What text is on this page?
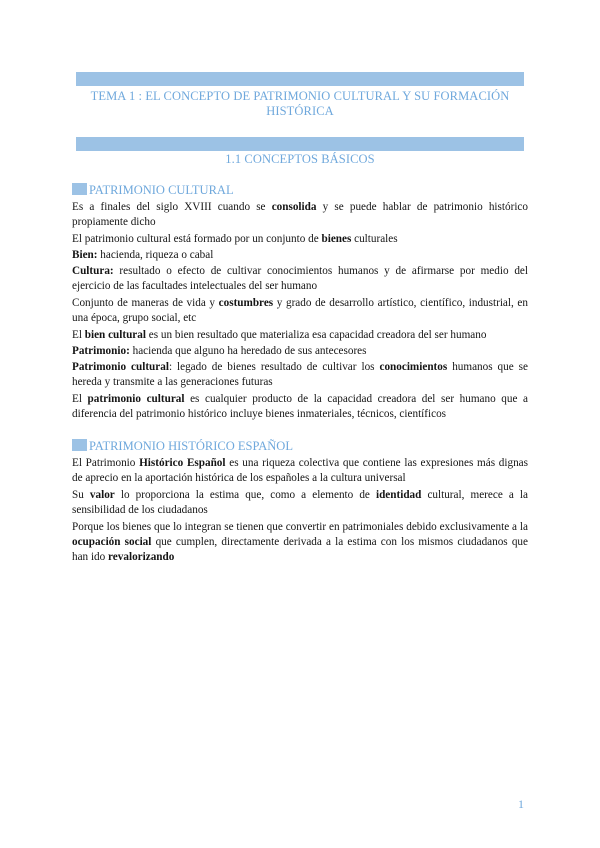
TEMA 1 : EL CONCEPTO DE PATRIMONIO CULTURAL Y SU FORMACIÓN HISTÓRICA
1.1 CONCEPTOS BÁSICOS
PATRIMONIO CULTURAL
Es a finales del siglo XVIII cuando se consolida y se puede hablar de patrimonio histórico propiamente dicho
El patrimonio cultural está formado por un conjunto de bienes culturales
Bien: hacienda, riqueza o cabal
Cultura: resultado o efecto de cultivar conocimientos humanos y de afirmarse por medio del ejercicio de las facultades intelectuales del ser humano
Conjunto de maneras de vida y costumbres y grado de desarrollo artístico, científico, industrial, en una época, grupo social, etc
El bien cultural es un bien resultado que materializa esa capacidad creadora del ser humano
Patrimonio: hacienda que alguno ha heredado de sus antecesores
Patrimonio cultural: legado de bienes resultado de cultivar los conocimientos humanos que se hereda y transmite a las generaciones futuras
El patrimonio cultural es cualquier producto de la capacidad creadora del ser humano que a diferencia del patrimonio histórico incluye bienes inmateriales, técnicos, científicos
PATRIMONIO HISTÓRICO ESPAÑOL
El Patrimonio Histórico Español es una riqueza colectiva que contiene las expresiones más dignas de aprecio en la aportación histórica de los españoles a la cultura universal
Su valor lo proporciona la estima que, como a elemento de identidad cultural, merece a la sensibilidad de los ciudadanos
Porque los bienes que lo integran se tienen que convertir en patrimoniales debido exclusivamente a la ocupación social que cumplen, directamente derivada a la estima con los mismos ciudadanos que han ido revalorizando
1
